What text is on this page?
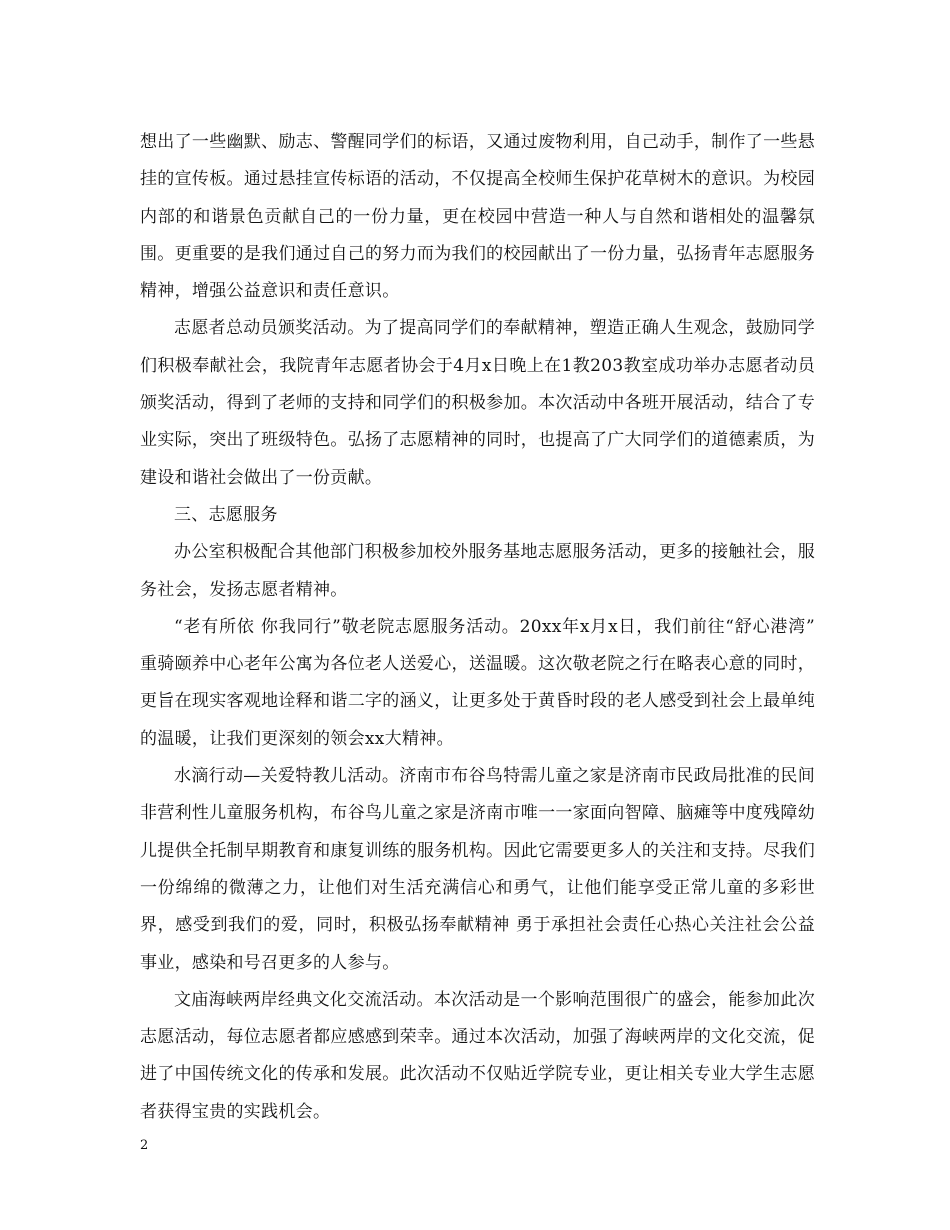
想出了一些幽默、励志、警醒同学们的标语，又通过废物利用，自己动手，制作了一些悬挂的宣传板。通过悬挂宣传标语的活动，不仅提高全校师生保护花草树木的意识。为校园内部的和谐景色贡献自己的一份力量，更在校园中营造一种人与自然和谐相处的温馨氛围。更重要的是我们通过自己的努力而为我们的校园献出了一份力量，弘扬青年志愿服务精神，增强公益意识和责任意识。

志愿者总动员颁奖活动。为了提高同学们的奉献精神，塑造正确人生观念，鼓励同学们积极奉献社会，我院青年志愿者协会于4月x日晚上在1教203教室成功举办志愿者动员颁奖活动，得到了老师的支持和同学们的积极参加。本次活动中各班开展活动，结合了专业实际，突出了班级特色。弘扬了志愿精神的同时，也提高了广大同学们的道德素质，为建设和谐社会做出了一份贡献。

三、志愿服务

办公室积极配合其他部门积极参加校外服务基地志愿服务活动，更多的接触社会，服务社会，发扬志愿者精神。

“老有所依 你我同行”敬老院志愿服务活动。20xx年x月x日，我们前往“舒心港湾” 重骑颐养中心老年公寓为各位老人送爱心，送温暖。这次敬老院之行在略表心意的同时，更旨在现实客观地诠释和谐二字的涵义，让更多处于黄昏时段的老人感受到社会上最单纯的温暖，让我们更深刻的领会xx大精神。

水滴行动—关爱特教儿活动。济南市布谷鸟特需儿童之家是济南市民政局批准的民间非营利性儿童服务机构，布谷鸟儿童之家是济南市唯一一家面向智障、脑瘫等中度残障幼儿提供全托制早期教育和康复训练的服务机构。因此它需要更多人的关注和支持。尽我们一份绵绵的微薄之力，让他们对生活充满信心和勇气，让他们能享受正常儿童的多彩世界，感受到我们的爱，同时，积极弘扬奉献精神 勇于承担社会责任心热心关注社会公益事业，感染和号召更多的人参与。

文庙海峡两岸经典文化交流活动。本次活动是一个影响范围很广的盛会，能参加此次志愿活动，每位志愿者都应感感到荣幸。通过本次活动，加强了海峡两岸的文化交流，促进了中国传统文化的传承和发展。此次活动不仅贴近学院专业，更让相关专业大学生志愿者获得宝贵的实践机会。

2
